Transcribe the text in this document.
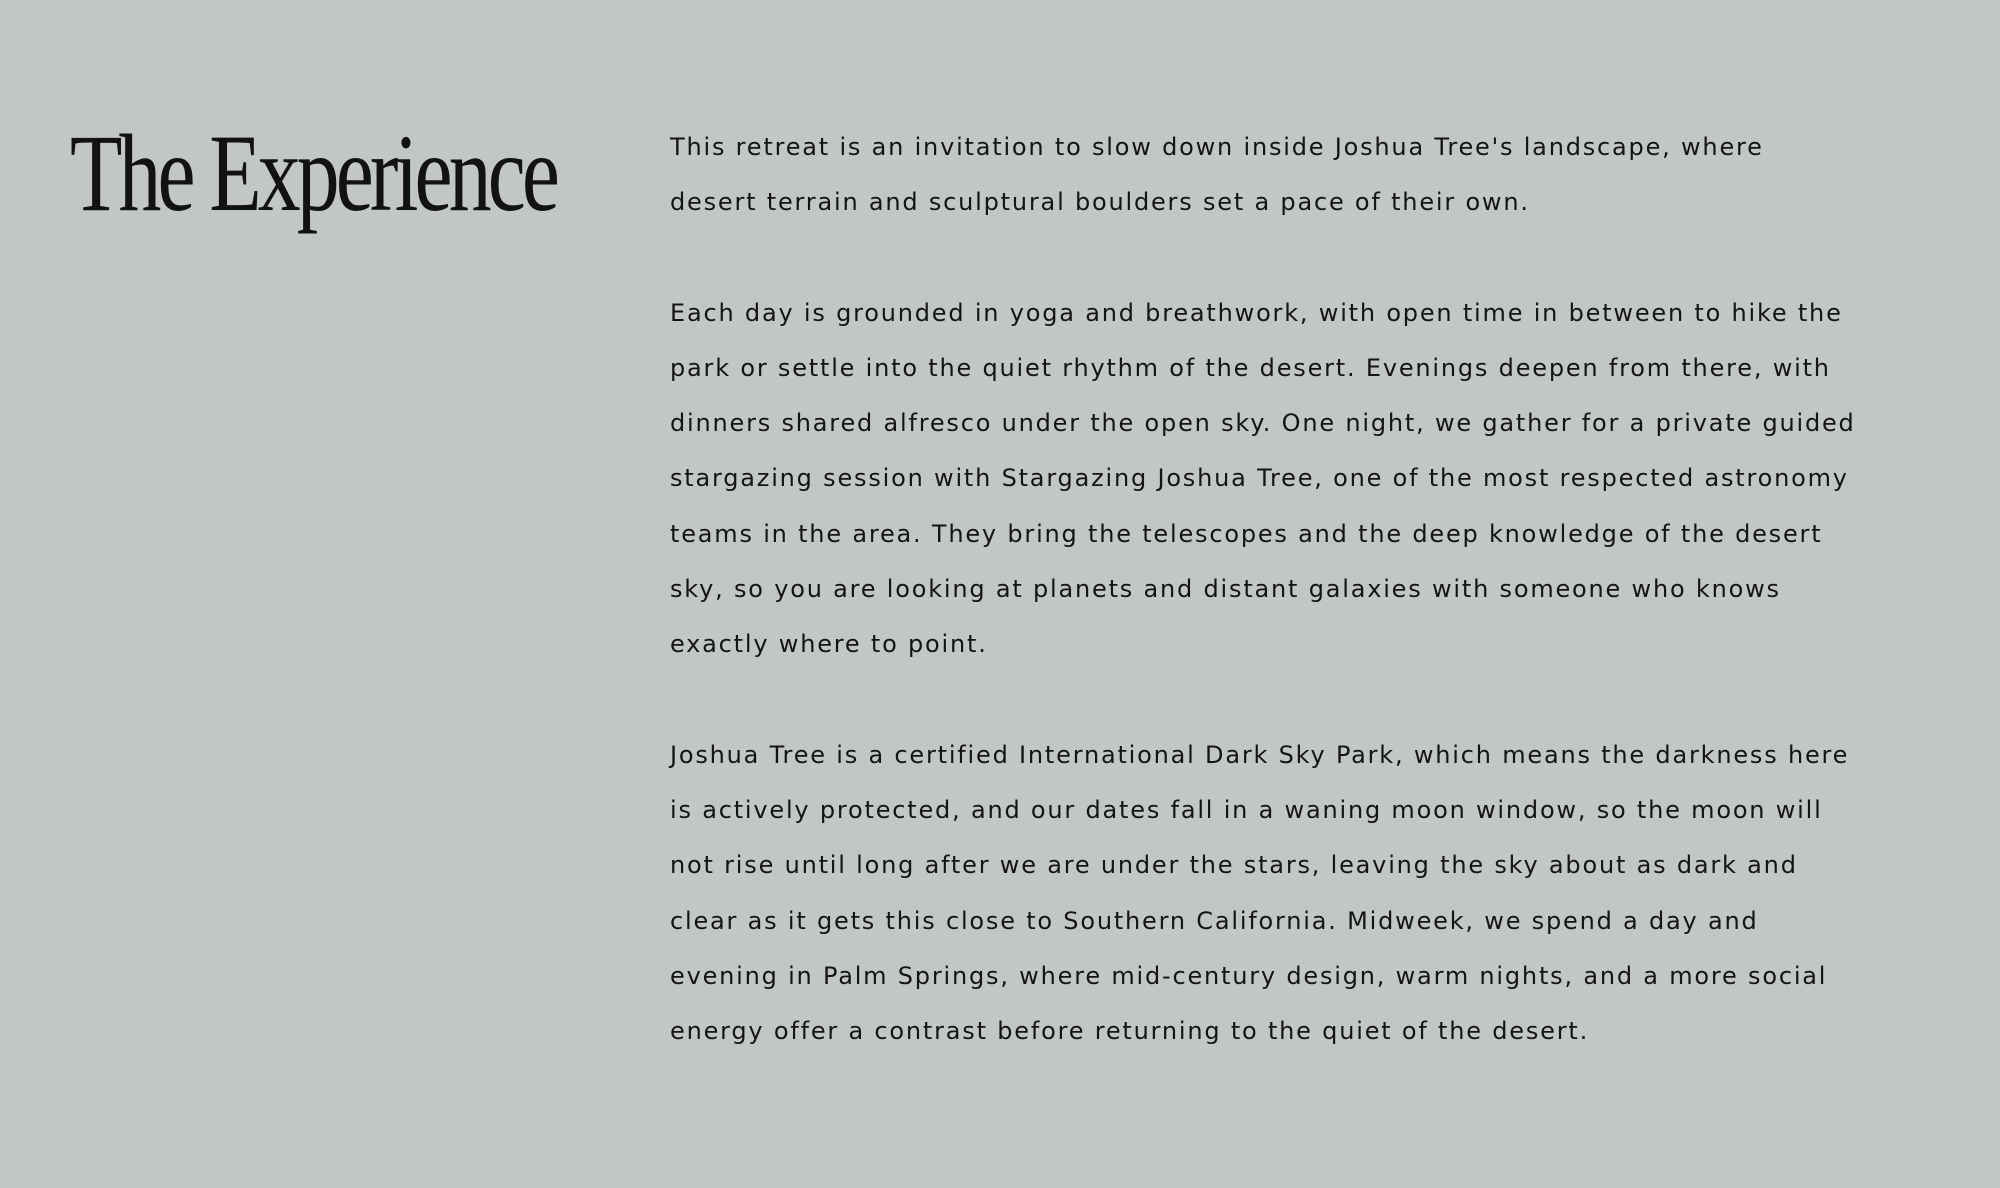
The Experience	This retreat is an invitation to slow down inside Joshua Tree's landscape, where desert terrain and sculptural boulders set a pace of their own.

Each day is grounded in yoga and breathwork, with open time in between to hike the park or settle into the quiet rhythm of the desert. Evenings deepen from there, with dinners shared alfresco under the open sky. One night, we gather for a private guided stargazing session with Stargazing Joshua Tree, one of the most respected astronomy teams in the area. They bring the telescopes and the deep knowledge of the desert sky, so you are looking at planets and distant galaxies with someone who knows exactly where to point.

Joshua Tree is a certified International Dark Sky Park, which means the darkness here is actively protected, and our dates fall in a waning moon window, so the moon will not rise until long after we are under the stars, leaving the sky about as dark and clear as it gets this close to Southern California. Midweek, we spend a day and evening in Palm Springs, where mid-century design, warm nights, and a more social energy offer a contrast before returning to the quiet of the desert.
